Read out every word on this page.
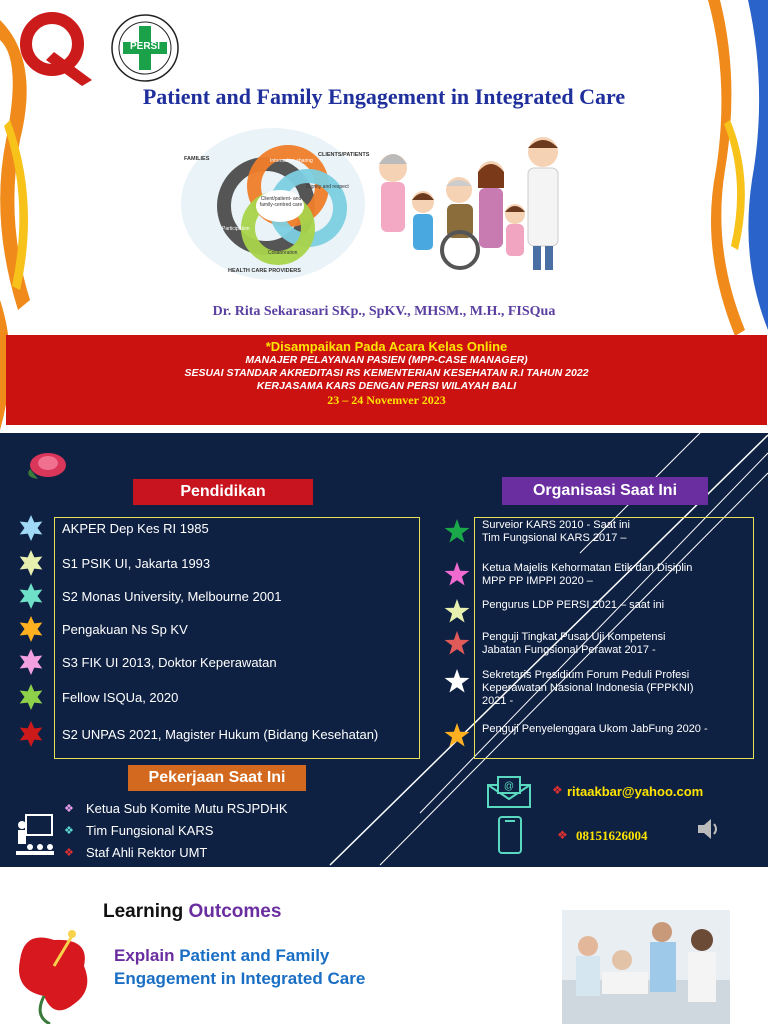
PERSI
Patient and Family Engagement in Integrated Care
Client/patient- and family-centred care
Information sharing
Dignity and respect
Participation
Collaboration
FAMILIES
CLIENTS/PATIENTS
HEALTH CARE PROVIDERS
Dr. Rita Sekarasari SKp., SpKV., MHSM., M.H., FISQua
*Disampaikan Pada Acara Kelas Online
MANAJER PELAYANAN PASIEN (MPP-CASE MANAGER)
SESUAI STANDAR AKREDITASI RS KEMENTERIAN KESEHATAN R.I TAHUN 2022
KERJASAMA KARS DENGAN PERSI WILAYAH BALI
23 – 24 Novemver 2023
Pendidikan
AKPER Dep Kes RI 1985
S1 PSIK UI, Jakarta 1993
S2 Monas University, Melbourne 2001
Pengakuan Ns Sp KV
S3 FIK UI 2013, Doktor Keperawatan
Fellow ISQUa, 2020
S2 UNPAS 2021, Magister Hukum (Bidang Kesehatan)
Organisasi Saat Ini
Surveior KARS 2010 - Saat ini
Tim Fungsional KARS 2017 –
Ketua Majelis Kehormatan Etik dan Disiplin
MPP PP IMPPI 2020 –
Pengurus LDP PERSI 2021 – saat ini
Penguji Tingkat Pusat Uji Kompetensi
Jabatan Fungsional Perawat 2017 -
Sekretaris Presidium Forum Peduli Profesi
Keperawatan Nasional Indonesia (FPPKNI)
2021 -
Penguji Penyelenggara Ukom JabFung 2020 -
Pekerjaan Saat Ini
❖ Ketua Sub Komite Mutu RSJPDHK
❖ Tim Fungsional KARS
❖ Staf Ahli Rektor UMT
@	❖ ritaakbar@yahoo.com
❖ 08151626004
Learning Outcomes
Explain Patient and Family
Engagement in Integrated Care
